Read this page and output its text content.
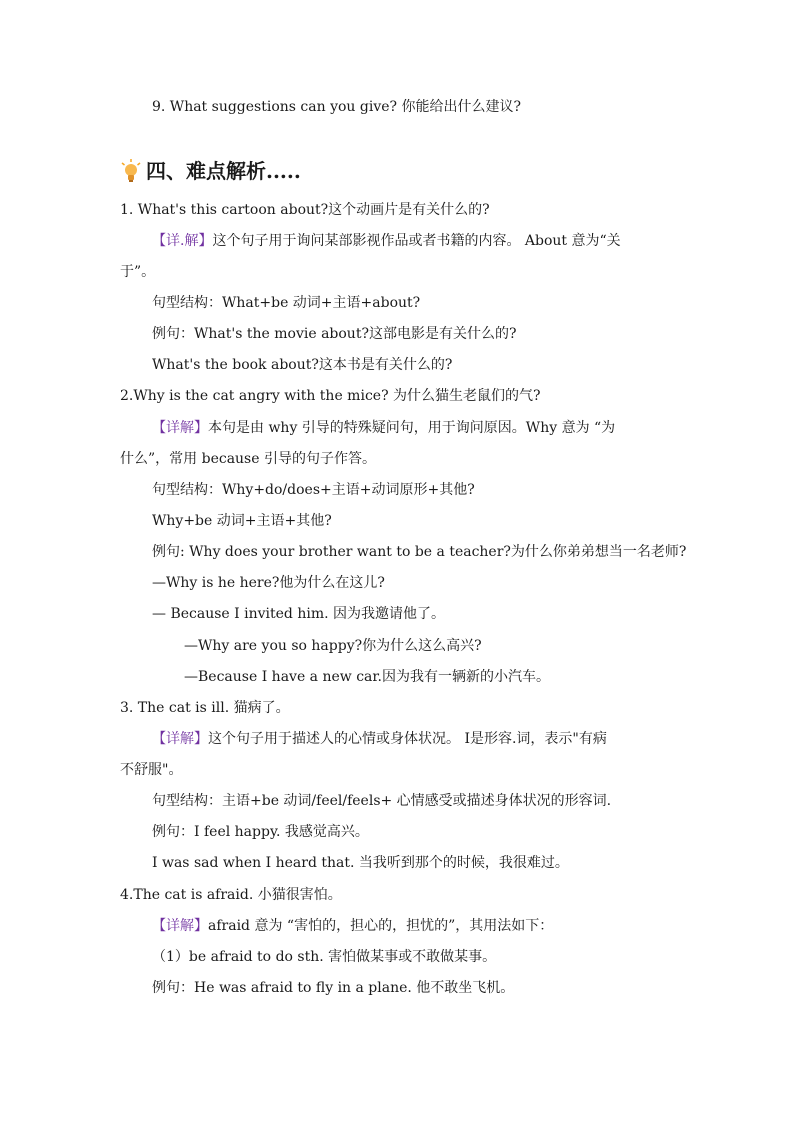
9. What suggestions can you give? 你能给出什么建议?
四、难点解析.....
1. What's this cartoon about?这个动画片是有关什么的?
【详.解】这个句子用于询问某部影视作品或者书籍的内容。 About 意为“关
于”。
句型结构：What+be 动词+主语+about?
例句：What's the movie about?这部电影是有关什么的?
What's the book about?这本书是有关什么的?
2.Why is the cat angry with the mice? 为什么猫生老鼠们的气?
【详解】本句是由 why 引导的特殊疑问句，用于询问原因。Why 意为 “为
什么”，常用 because 引导的句子作答。
句型结构：Why+do/does+主语+动词原形+其他?
Why+be 动词+主语+其他?
例句: Why does your brother want to be a teacher?为什么你弟弟想当一名老师?
—Why is he here?他为什么在这儿?
— Because I invited him. 因为我邀请他了。
—Why are you so happy?你为什么这么高兴?
—Because I have a new car.因为我有一辆新的小汽车。
3. The cat is ill. 猫病了。
【详解】这个句子用于描述人的心情或身体状况。 I是形容.词，表示"有病
不舒服"。
句型结构：主语+be 动词/feel/feels+ 心情感受或描述身体状况的形容词.
例句：I feel happy. 我感觉高兴。
I was sad when I heard that. 当我听到那个的时候，我很难过。
4.The cat is afraid. 小猫很害怕。
【详解】afraid 意为 “害怕的，担心的，担忧的”，其用法如下：
（1）be afraid to do sth. 害怕做某事或不敢做某事。
例句：He was afraid to fly in a plane. 他不敢坐飞机。
